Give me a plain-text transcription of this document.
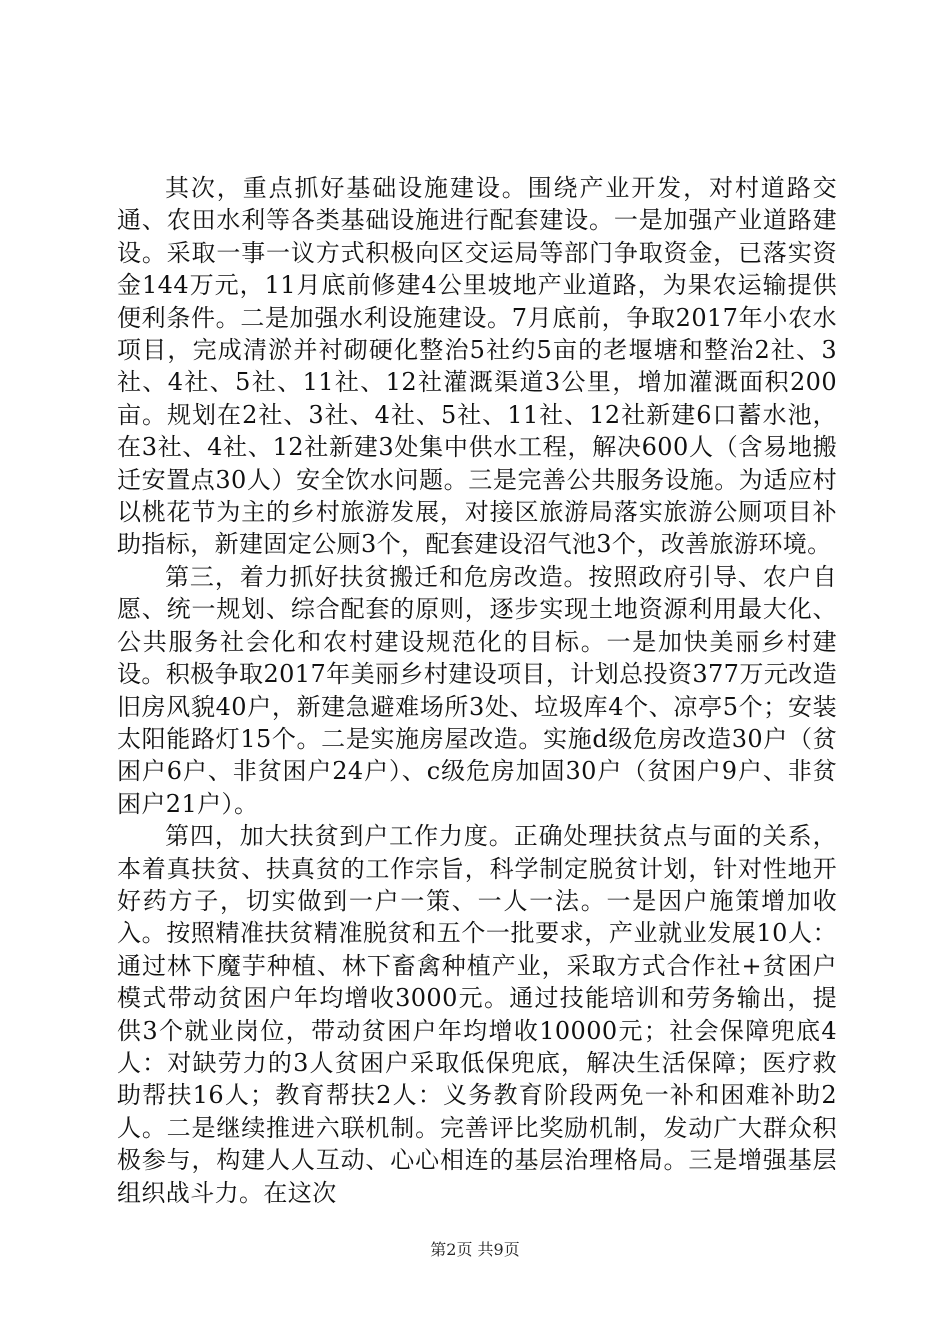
其次，重点抓好基础设施建设。围绕产业开发，对村道路交通、农田水利等各类基础设施进行配套建设。一是加强产业道路建设。采取一事一议方式积极向区交运局等部门争取资金，已落实资金144万元，11月底前修建4公里坡地产业道路，为果农运输提供便利条件。二是加强水利设施建设。7月底前，争取2017年小农水项目，完成清淤并衬砌硬化整治5社约5亩的老堰塘和整治2社、3社、4社、5社、11社、12社灌溉渠道3公里，增加灌溉面积200亩。规划在2社、3社、4社、5社、11社、12社新建6口蓄水池，在3社、4社、12社新建3处集中供水工程，解决600人（含易地搬迁安置点30人）安全饮水问题。三是完善公共服务设施。为适应村以桃花节为主的乡村旅游发展，对接区旅游局落实旅游公厕项目补助指标，新建固定公厕3个，配套建设沼气池3个，改善旅游环境。

第三，着力抓好扶贫搬迁和危房改造。按照政府引导、农户自愿、统一规划、综合配套的原则，逐步实现土地资源利用最大化、公共服务社会化和农村建设规范化的目标。一是加快美丽乡村建设。积极争取2017年美丽乡村建设项目，计划总投资377万元改造旧房风貌40户，新建急避难场所3处、垃圾库4个、凉亭5个；安装太阳能路灯15个。二是实施房屋改造。实施d级危房改造30户（贫困户6户、非贫困户24户）、c级危房加固30户（贫困户9户、非贫困户21户）。

第四，加大扶贫到户工作力度。正确处理扶贫点与面的关系，本着真扶贫、扶真贫的工作宗旨，科学制定脱贫计划，针对性地开好药方子，切实做到一户一策、一人一法。一是因户施策增加收入。按照精准扶贫精准脱贫和五个一批要求，产业就业发展10人：通过林下魔芋种植、林下畜禽种植产业，采取方式合作社+贫困户模式带动贫困户年均增收3000元。通过技能培训和劳务输出，提供3个就业岗位，带动贫困户年均增收10000元；社会保障兜底4人：对缺劳力的3人贫困户采取低保兜底，解决生活保障；医疗救助帮扶16人；教育帮扶2人：义务教育阶段两免一补和困难补助2人。二是继续推进六联机制。完善评比奖励机制，发动广大群众积极参与，构建人人互动、心心相连的基层治理格局。三是增强基层组织战斗力。在这次

第2页 共9页
